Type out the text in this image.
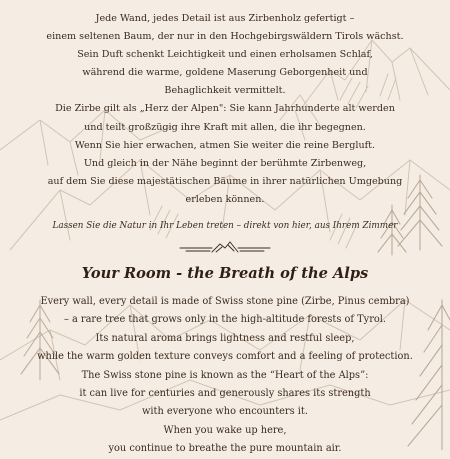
Jede Wand, jedes Detail ist aus Zirbenholz gefertigt –
einem seltenen Baum, der nur in den Hochgebirgswäldern Tirols wächst.
Sein Duft schenkt Leichtigkeit und einen erholsamen Schlaf,
während die warme, goldene Maserung Geborgenheit und
Behaglichkeit vermittelt.
Die Zirbe gilt als „Herz der Alpen": Sie kann Jahrhunderte alt werden
und teilt großzügig ihre Kraft mit allen, die ihr begegnen.
Wenn Sie hier erwachen, atmen Sie weiter die reine Bergluft.
Und gleich in der Nähe beginnt der berühmte Zirbenweg,
auf dem Sie diese majestätischen Bäume in ihrer natürlichen Umgebung
erleben können.
Lassen Sie die Natur in Ihr Leben treten – direkt von hier, aus Ihrem Zimmer
Your Room - the Breath of the Alps
Every wall, every detail is made of Swiss stone pine (Zirbe, Pinus cembra)
– a rare tree that grows only in the high-altitude forests of Tyrol.
Its natural aroma brings lightness and restful sleep,
while the warm golden texture conveys comfort and a feeling of protection.
The Swiss stone pine is known as the “Heart of the Alps”:
it can live for centuries and generously shares its strength
with everyone who encounters it.
When you wake up here,
you continue to breathe the pure mountain air.
